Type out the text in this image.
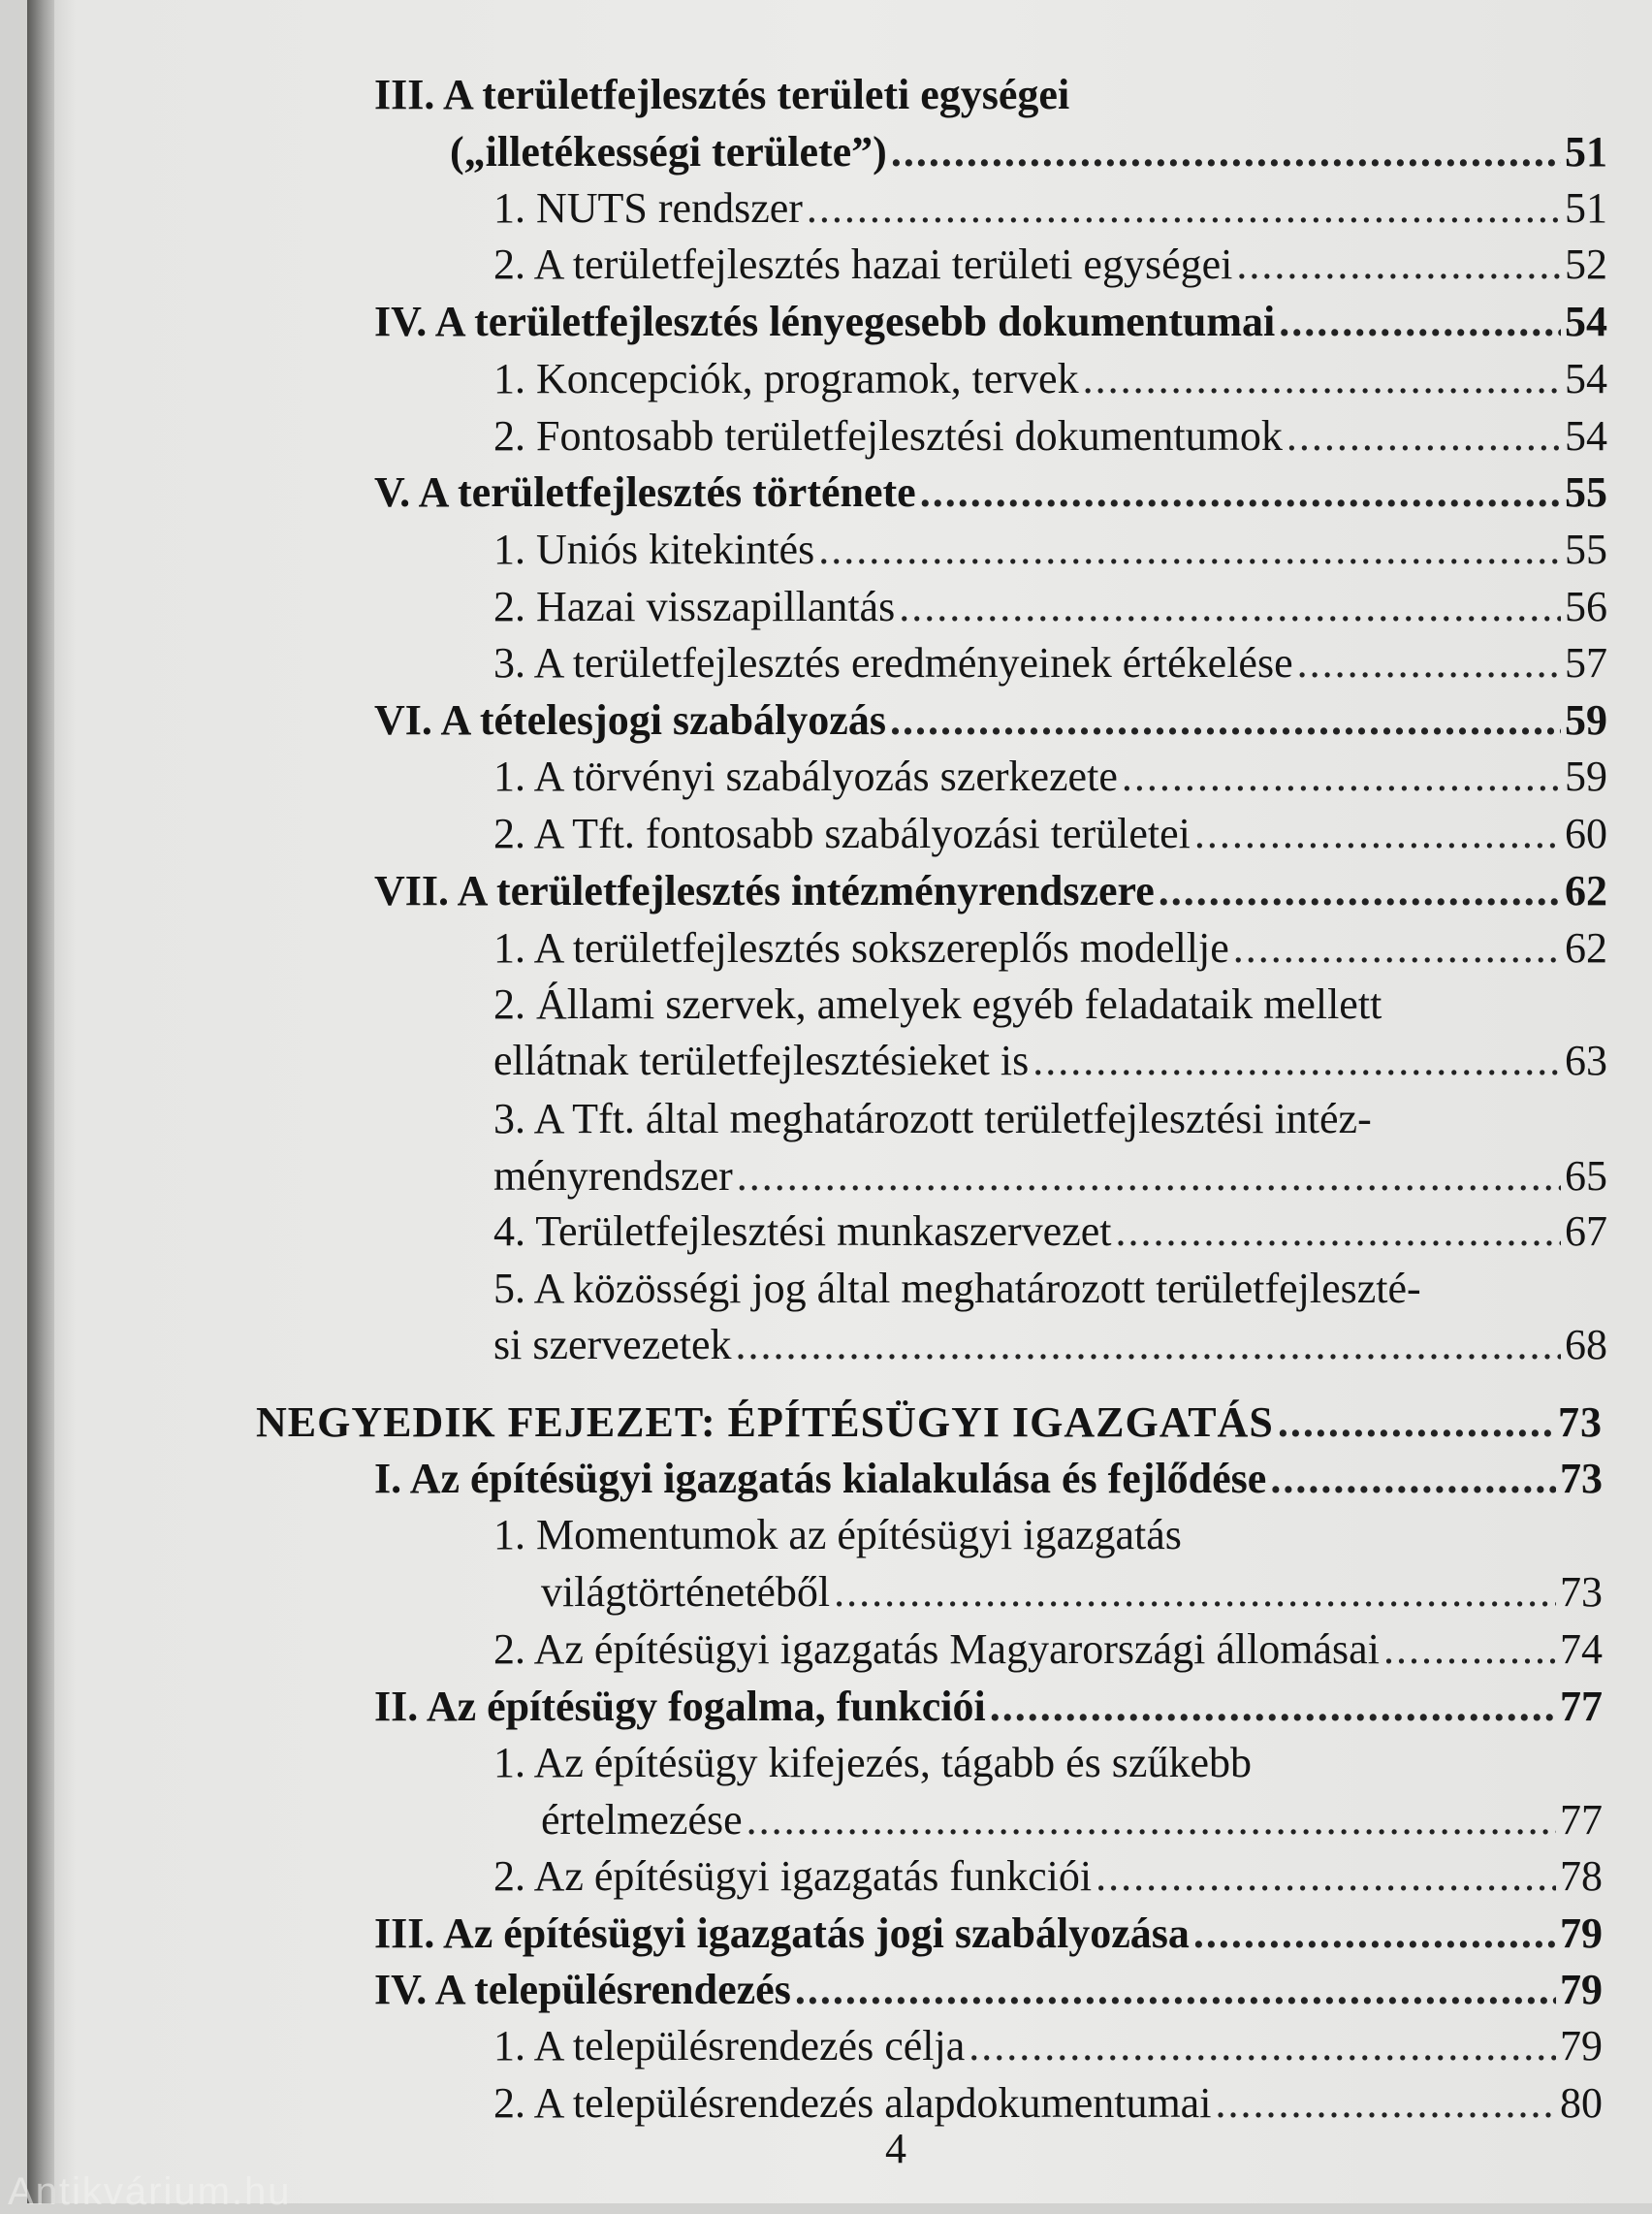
III. A területfejlesztés területi egységei
(„illetékességi területe”) .....	51
1. NUTS rendszer .....	51
2. A területfejlesztés hazai területi egységei .....	52
IV. A területfejlesztés lényegesebb dokumentumai .....	54
1. Koncepciók, programok, tervek .....	54
2. Fontosabb területfejlesztési dokumentumok .....	54
V. A területfejlesztés története .....	55
1. Uniós kitekintés .....	55
2. Hazai visszapillantás .....	56
3. A területfejlesztés eredményeinek értékelése .....	57
VI. A tételesjogi szabályozás .....	59
1. A törvényi szabályozás szerkezete .....	59
2. A Tft. fontosabb szabályozási területei .....	60
VII. A területfejlesztés intézményrendszere .....	62
1. A területfejlesztés sokszereplős modellje .....	62
2. Állami szervek, amelyek egyéb feladataik mellett
ellátnak területfejlesztésieket is .....	63
3. A Tft. által meghatározott területfejlesztési intéz-
ményrendszer .....	65
4. Területfejlesztési munkaszervezet .....	67
5. A közösségi jog által meghatározott területfejleszté-
si szervezetek .....	68
NEGYEDIK FEJEZET: ÉPÍTÉSÜGYI IGAZGATÁS .....	73
I. Az építésügyi igazgatás kialakulása és fejlődése .....	73
1. Momentumok az építésügyi igazgatás
világtörténetéből .....	73
2. Az építésügyi igazgatás Magyarországi állomásai .....	74
II. Az építésügy fogalma, funkciói .....	77
1. Az építésügy kifejezés, tágabb és szűkebb
értelmezése .....	77
2. Az építésügyi igazgatás funkciói .....	78
III. Az építésügyi igazgatás jogi szabályozása .....	79
IV. A településrendezés .....	79
1. A településrendezés célja .....	79
2. A településrendezés alapdokumentumai .....	80
4
Antikvárium.hu
